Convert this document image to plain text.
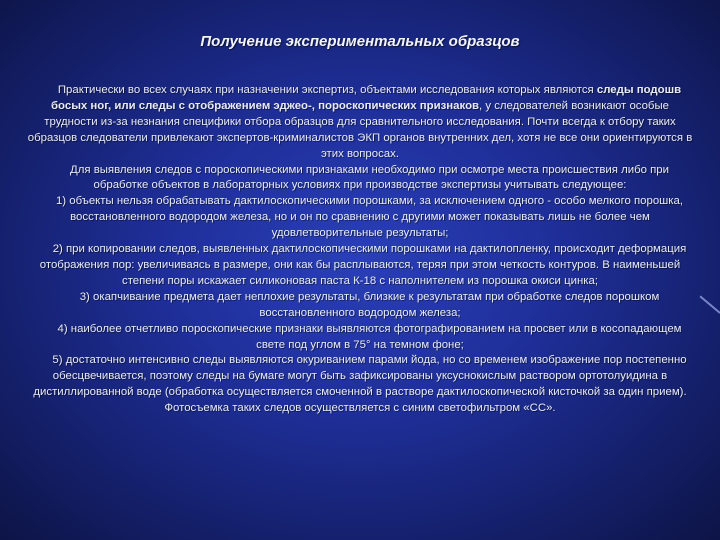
Получение экспериментальных образцов

Практически во всех случаях при назначении экспертиз, объектами исследования которых являются следы подошв босых ног, или следы с отображением эджео-, пороскопических признаков, у следователей возникают особые трудности из-за незнания специфики отбора образцов для сравнительного исследования. Почти всегда к отбору таких образцов следователи привлекают экспертов-криминалистов ЭКП органов внутренних дел, хотя не все они ориентируются в этих вопросах.

Для выявления следов с пороскопическими признаками необходимо при осмотре места происшествия либо при обработке объектов в лабораторных условиях при производстве экспертизы учитывать следующее:

1) объекты нельзя обрабатывать дактилоскопическими порошками, за исключением одного - особо мелкого порошка, восстановленного водородом железа, но и он по сравнению с другими может показывать лишь не более чем удовлетворительные результаты;

2) при копировании следов, выявленных дактилоскопическими порошками на дактилопленку, происходит деформация отображения пор: увеличиваясь в размере, они как бы расплываются, теряя при этом четкость контуров. В наименьшей степени поры искажает силиконовая паста К-18 с наполнителем из порошка окиси цинка;

3) окапчивание предмета дает неплохие результаты, близкие к результатам при обработке следов порошком восстановленного водородом железа;

4) наиболее отчетливо пороскопические признаки выявляются фотографированием на просвет или в косопадающем свете под углом в 75° на темном фоне;

5) достаточно интенсивно следы выявляются окуриванием парами йода, но со временем изображение пор постепенно обесцвечивается, поэтому следы на бумаге могут быть зафиксированы уксуснокислым раствором ортотолуидина в дистиллированной воде (обработка осуществляется смоченной в растворе дактилоскопической кисточкой за один прием). Фотосъемка таких следов осуществляется с синим светофильтром «СС».
